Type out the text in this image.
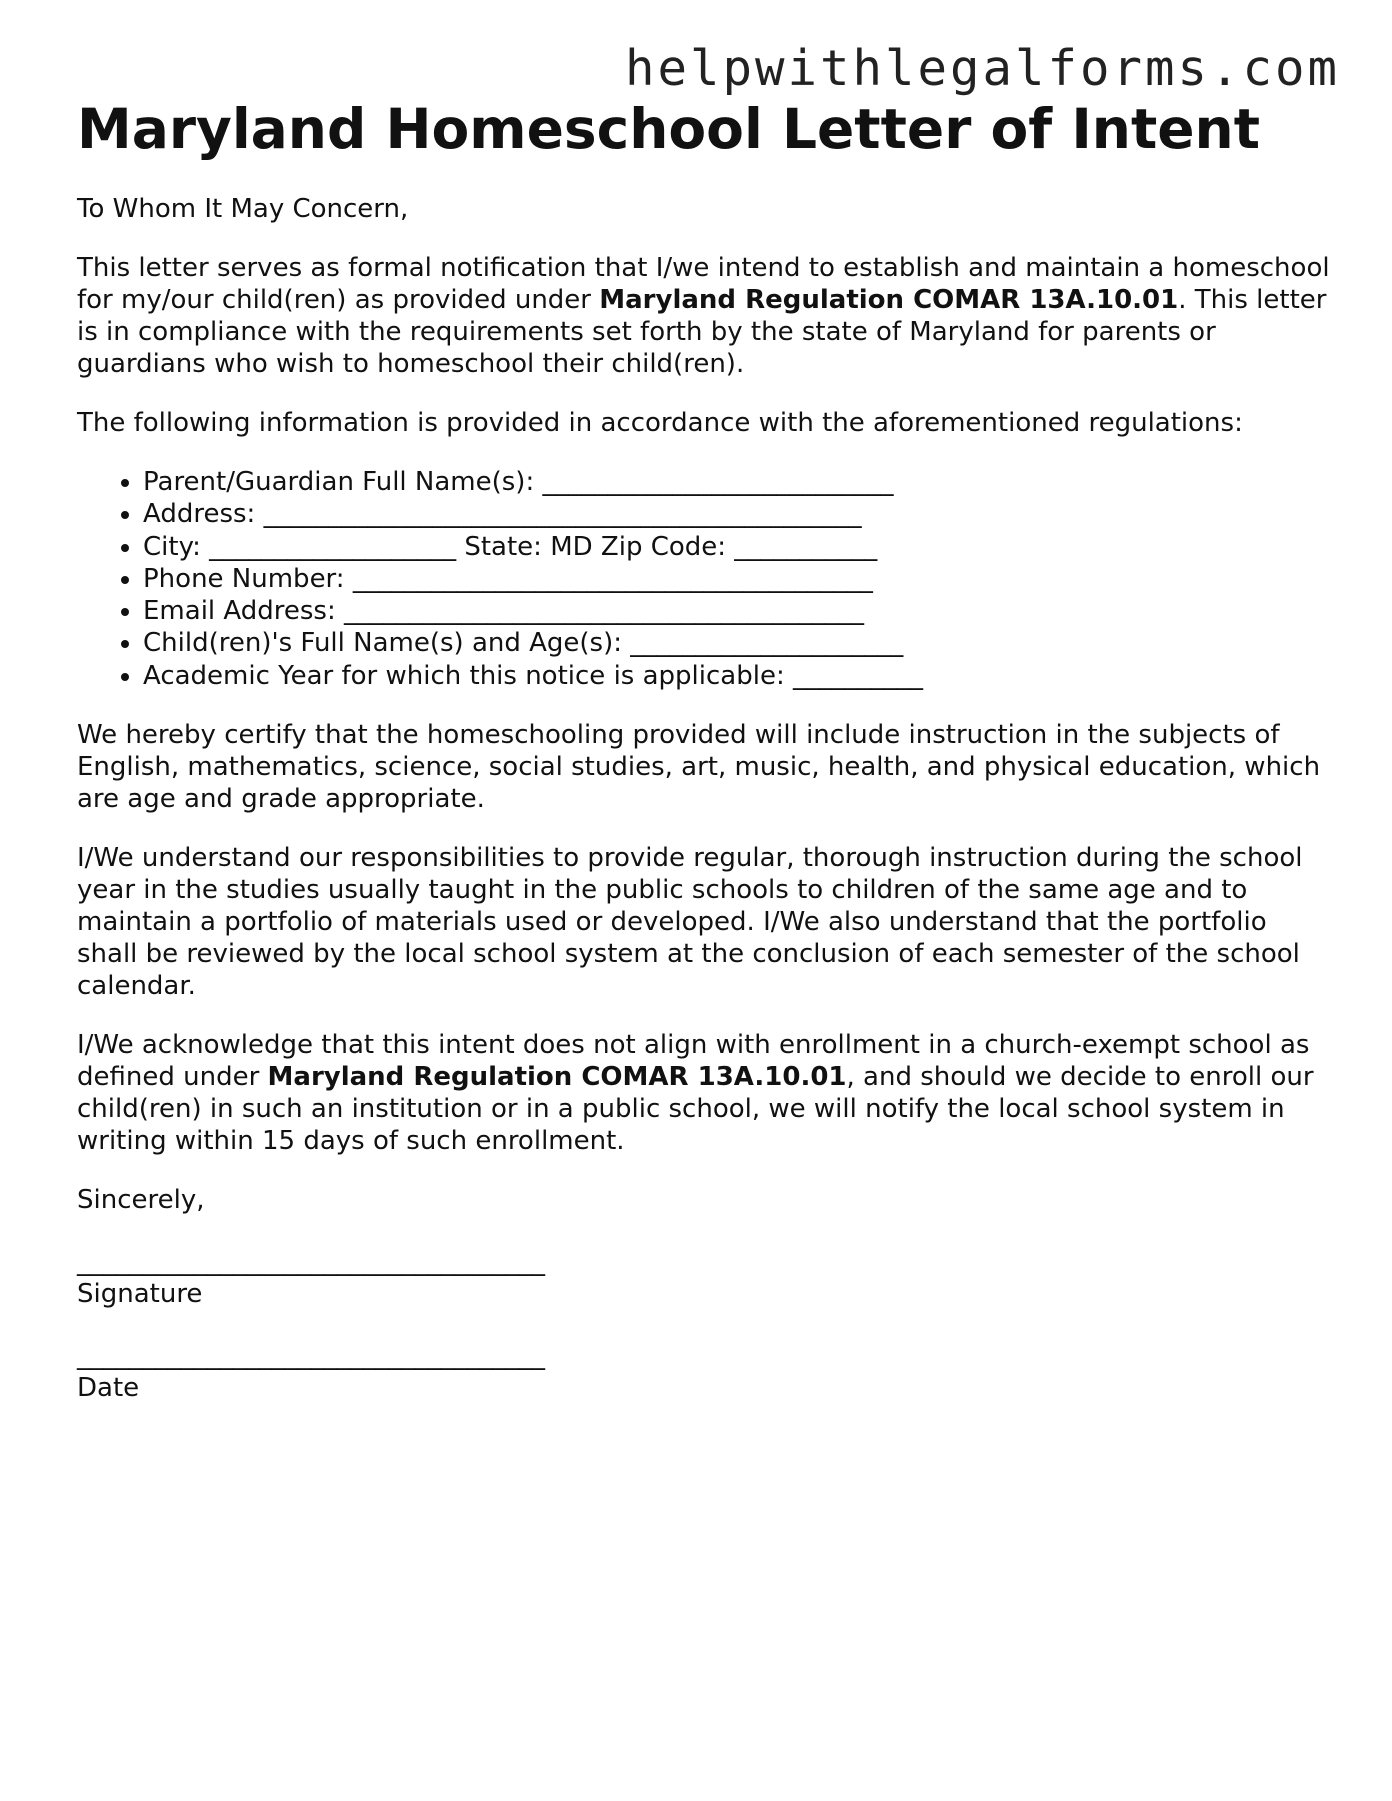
helpwithlegalforms.com
Maryland Homeschool Letter of Intent

To Whom It May Concern,

This letter serves as formal notification that I/we intend to establish and maintain a homeschool for my/our child(ren) as provided under Maryland Regulation COMAR 13A.10.01. This letter is in compliance with the requirements set forth by the state of Maryland for parents or guardians who wish to homeschool their child(ren).

The following information is provided in accordance with the aforementioned regulations:

• Parent/Guardian Full Name(s): ___________________________
• Address: ______________________________________________
• City: ___________________ State: MD Zip Code: ___________
• Phone Number: ________________________________________
• Email Address: ________________________________________
• Child(ren)'s Full Name(s) and Age(s): _____________________
• Academic Year for which this notice is applicable: __________

We hereby certify that the homeschooling provided will include instruction in the subjects of English, mathematics, science, social studies, art, music, health, and physical education, which are age and grade appropriate.

I/We understand our responsibilities to provide regular, thorough instruction during the school year in the studies usually taught in the public schools to children of the same age and to maintain a portfolio of materials used or developed. I/We also understand that the portfolio shall be reviewed by the local school system at the conclusion of each semester of the school calendar.

I/We acknowledge that this intent does not align with enrollment in a church-exempt school as defined under Maryland Regulation COMAR 13A.10.01, and should we decide to enroll our child(ren) in such an institution or in a public school, we will notify the local school system in writing within 15 days of such enrollment.

Sincerely,

____________________________________
Signature
____________________________________
Date
